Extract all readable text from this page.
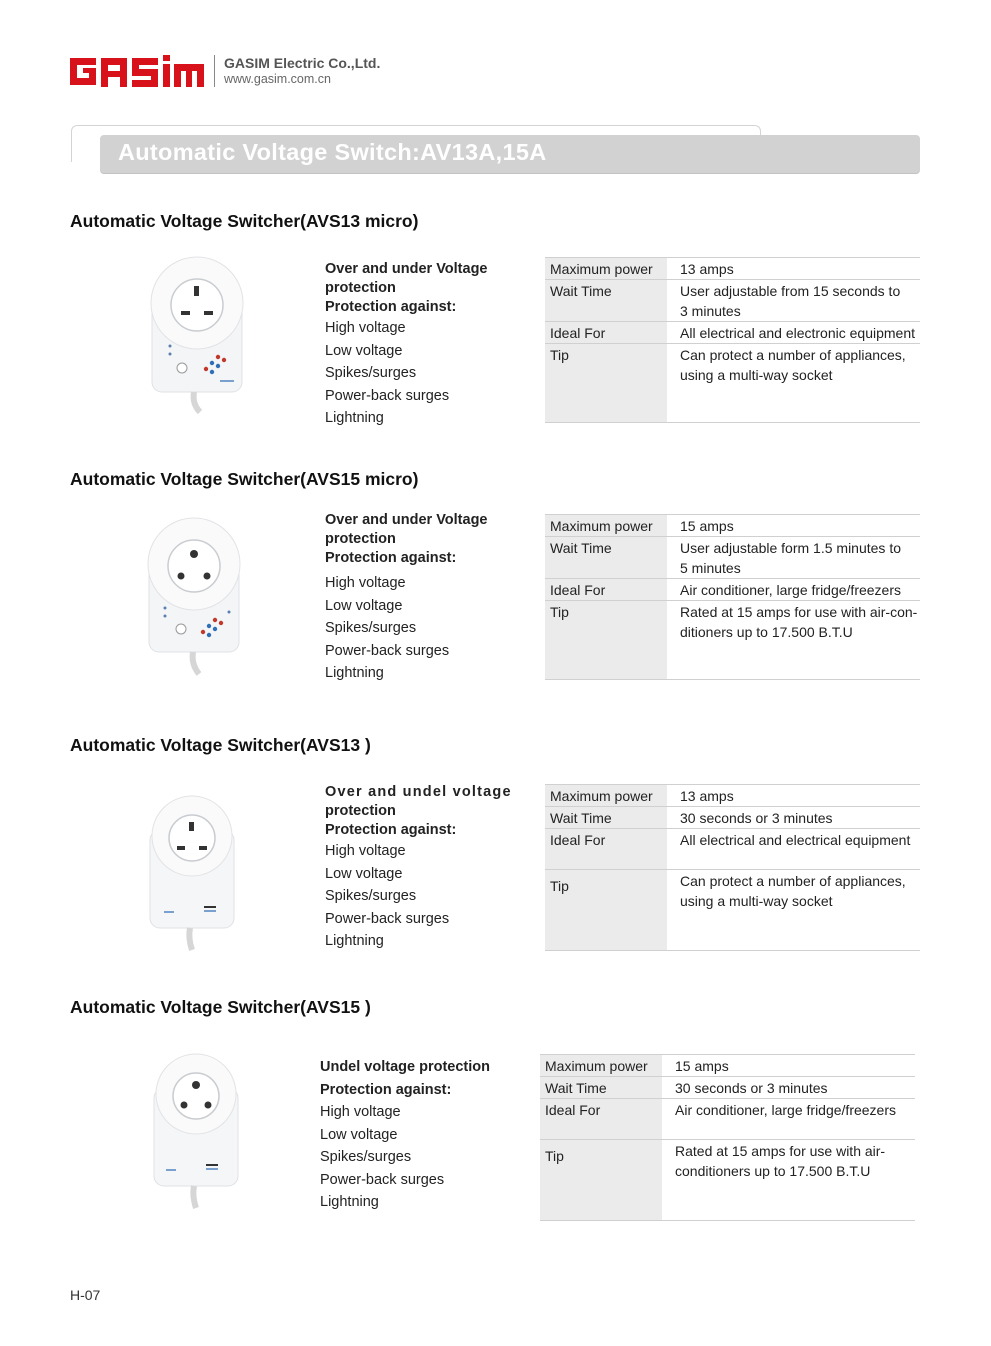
GASIM Electric Co.,Ltd.
www.gasim.com.cn
Automatic Voltage Switch:AV13A,15A
Automatic Voltage Switcher(AVS13 micro)
Over and under Voltage
protection
Protection against:
High voltage
Low voltage
Spikes/surges
Power-back surges
Lightning
Maximum power	13 amps
Wait Time	User adjustable from 15 seconds to
3 minutes
Ideal For	All electrical and electronic equipment
Tip	Can protect a number of appliances,
using a multi-way socket
Automatic Voltage Switcher(AVS15 micro)
Over and under Voltage
protection
Protection against:
High voltage
Low voltage
Spikes/surges
Power-back surges
Lightning
Maximum power	15 amps
Wait Time	User adjustable form 1.5 minutes to
5 minutes
Ideal For	Air conditioner, large fridge/freezers
Tip	Rated at 15 amps for use with air-con-
ditioners up to 17.500 B.T.U
Automatic Voltage Switcher(AVS13 )
Over and undel voltage
protection
Protection against:
High voltage
Low voltage
Spikes/surges
Power-back surges
Lightning
Maximum power	13 amps
Wait Time	30 seconds or 3 minutes
Ideal For	All electrical and electrical equipment
Tip	Can protect a number of appliances,
using a multi-way socket
Automatic Voltage Switcher(AVS15 )
Undel voltage protection
Protection against:
High voltage
Low voltage
Spikes/surges
Power-back surges
Lightning
Maximum power	15 amps
Wait Time	30 seconds or 3 minutes
Ideal For	Air conditioner, large fridge/freezers
Tip	Rated at 15 amps for use with air-
conditioners up to 17.500 B.T.U
H-07
